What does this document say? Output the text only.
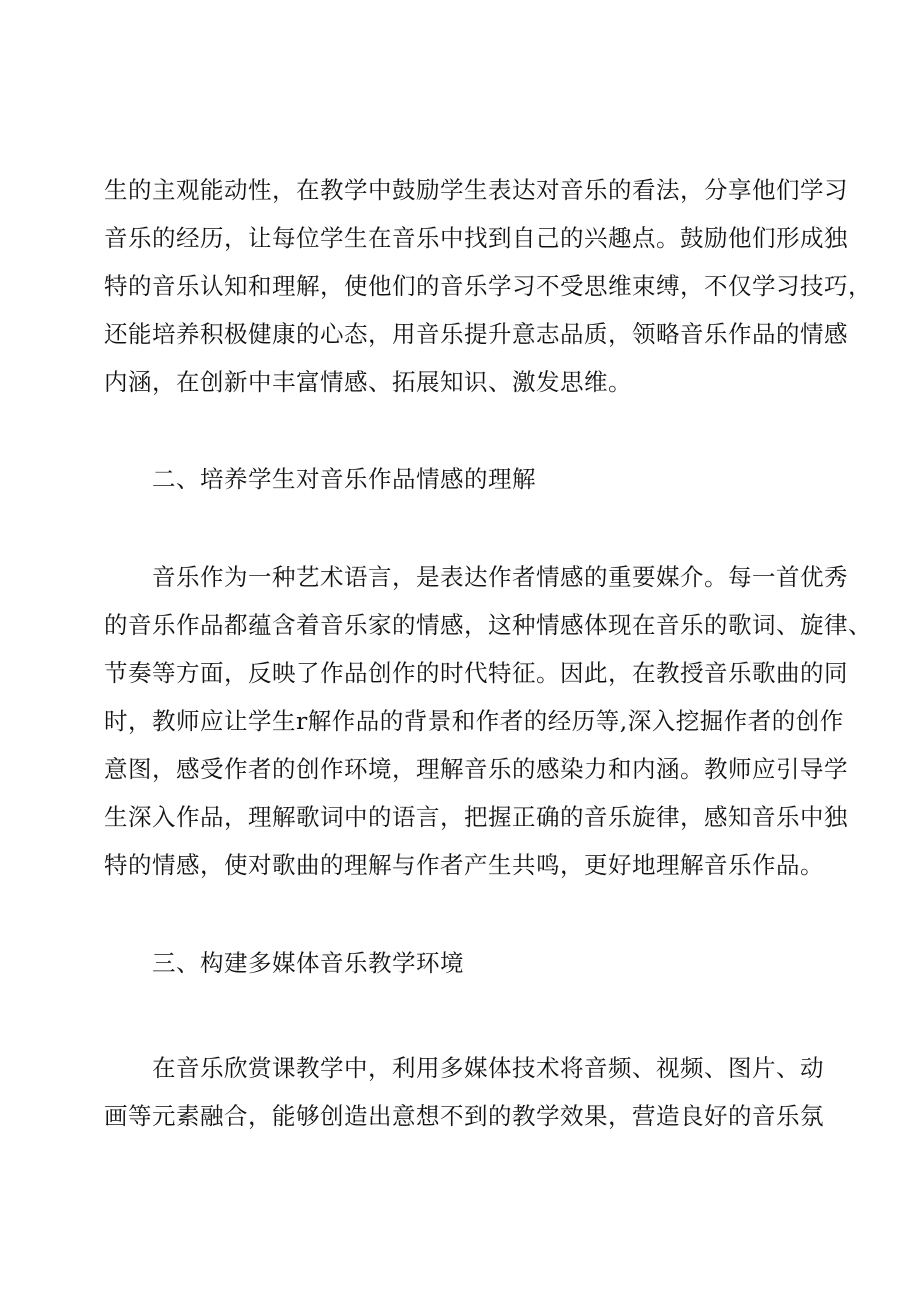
生的主观能动性，在教学中鼓励学生表达对音乐的看法，分享他们学习
音乐的经历，让每位学生在音乐中找到自己的兴趣点。鼓励他们形成独
特的音乐认知和理解，使他们的音乐学习不受思维束缚，不仅学习技巧，
还能培养积极健康的心态，用音乐提升意志品质，领略音乐作品的情感
内涵，在创新中丰富情感、拓展知识、激发思维。
二、培养学生对音乐作品情感的理解
音乐作为一种艺术语言，是表达作者情感的重要媒介。每一首优秀
的音乐作品都蕴含着音乐家的情感，这种情感体现在音乐的歌词、旋律、
节奏等方面，反映了作品创作的时代特征。因此，在教授音乐歌曲的同
时，教师应让学生r解作品的背景和作者的经历等,深入挖掘作者的创作
意图，感受作者的创作环境，理解音乐的感染力和内涵。教师应引导学
生深入作品，理解歌词中的语言，把握正确的音乐旋律，感知音乐中独
特的情感，使对歌曲的理解与作者产生共鸣，更好地理解音乐作品。
三、构建多媒体音乐教学环境
在音乐欣赏课教学中，利用多媒体技术将音频、视频、图片、动
画等元素融合，能够创造出意想不到的教学效果，营造良好的音乐氛
